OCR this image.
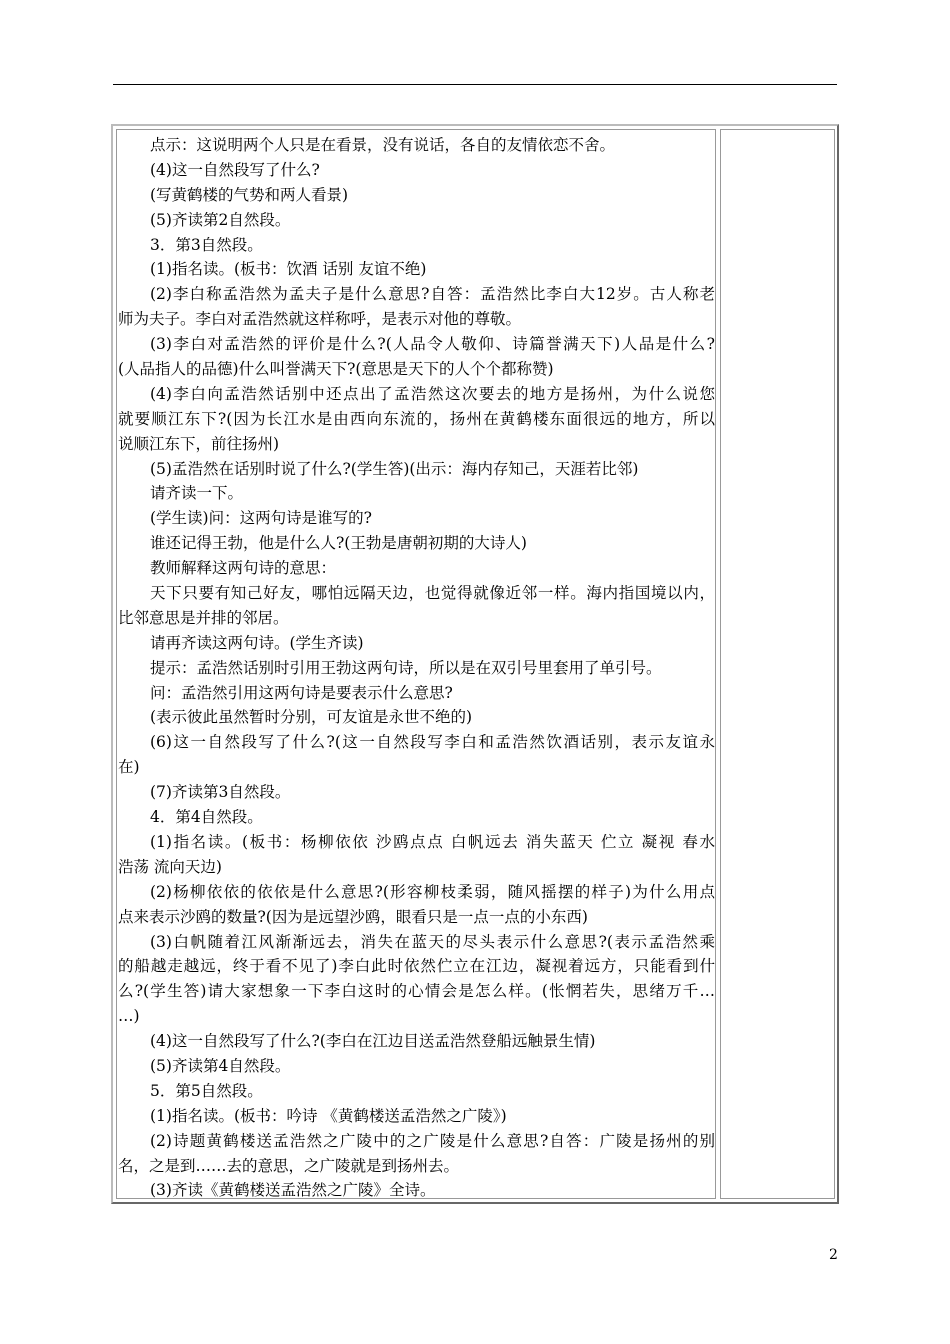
点示：这说明两个人只是在看景，没有说话，各自的友情依恋不舍。
(4)这一自然段写了什么?
(写黄鹤楼的气势和两人看景)
(5)齐读第2自然段。
3．第3自然段。
(1)指名读。(板书：饮酒 话别 友谊不绝)
(2)李白称孟浩然为孟夫子是什么意思?自答：孟浩然比李白大12岁。古人称老
师为夫子。李白对孟浩然就这样称呼，是表示对他的尊敬。
(3)李白对孟浩然的评价是什么?(人品令人敬仰、诗篇誉满天下)人品是什么?
(人品指人的品德)什么叫誉满天下?(意思是天下的人个个都称赞)
(4)李白向孟浩然话别中还点出了孟浩然这次要去的地方是扬州，为什么说您
就要顺江东下?(因为长江水是由西向东流的，扬州在黄鹤楼东面很远的地方，所以
说顺江东下，前往扬州)
(5)孟浩然在话别时说了什么?(学生答)(出示：海内存知己，天涯若比邻)
请齐读一下。
(学生读)问：这两句诗是谁写的?
谁还记得王勃，他是什么人?(王勃是唐朝初期的大诗人)
教师解释这两句诗的意思：
天下只要有知己好友，哪怕远隔天边，也觉得就像近邻一样。海内指国境以内，
比邻意思是并排的邻居。
请再齐读这两句诗。(学生齐读)
提示：孟浩然话别时引用王勃这两句诗，所以是在双引号里套用了单引号。
问：孟浩然引用这两句诗是要表示什么意思?
(表示彼此虽然暂时分别，可友谊是永世不绝的)
(6)这一自然段写了什么?(这一自然段写李白和孟浩然饮酒话别，表示友谊永
在)
(7)齐读第3自然段。
4．第4自然段。
(1)指名读。(板书：杨柳依依 沙鸥点点 白帆远去 消失蓝天 伫立 凝视 春水
浩荡 流向天边)
(2)杨柳依依的依依是什么意思?(形容柳枝柔弱，随风摇摆的样子)为什么用点
点来表示沙鸥的数量?(因为是远望沙鸥，眼看只是一点一点的小东西)
(3)白帆随着江风渐渐远去，消失在蓝天的尽头表示什么意思?(表示孟浩然乘
的船越走越远，终于看不见了)李白此时依然伫立在江边，凝视着远方，只能看到什
么?(学生答)请大家想象一下李白这时的心情会是怎么样。(怅惘若失，思绪万千…
…)
(4)这一自然段写了什么?(李白在江边目送孟浩然登船远触景生情)
(5)齐读第4自然段。
5．第5自然段。
(1)指名读。(板书：吟诗 《黄鹤楼送孟浩然之广陵》)
(2)诗题黄鹤楼送孟浩然之广陵中的之广陵是什么意思?自答：广陵是扬州的别
名，之是到……去的意思，之广陵就是到扬州去。
(3)齐读《黄鹤楼送孟浩然之广陵》全诗。
2
